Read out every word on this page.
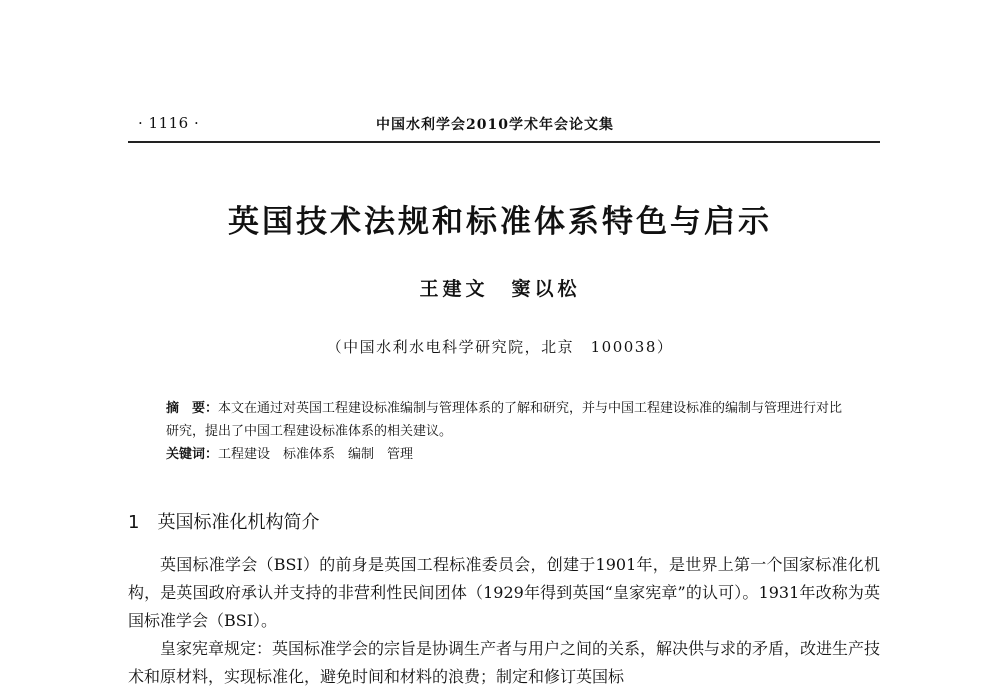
· 1116 ·	中国水利学会2010学术年会论文集
英国技术法规和标准体系特色与启示
王建文　窦以松
（中国水利水电科学研究院，北京　100038）

摘　要：本文在通过对英国工程建设标准编制与管理体系的了解和研究，并与中国工程建设标准的编制与管理进行对比研究，提出了中国工程建设标准体系的相关建议。

关键词：工程建设　标准体系　编制　管理

1 英国标准化机构简介

英国标准学会（BSI）的前身是英国工程标准委员会，创建于1901年，是世界上第一个国家标准化机构，是英国政府承认并支持的非营利性民间团体（1929年得到英国“皇家宪章”的认可）。1931年改称为英国标准学会（BSI）。

皇家宪章规定：英国标准学会的宗旨是协调生产者与用户之间的关系，解决供与求的矛盾，改进生产技术和原材料，实现标准化，避免时间和材料的浪费；制定和修订英国标
